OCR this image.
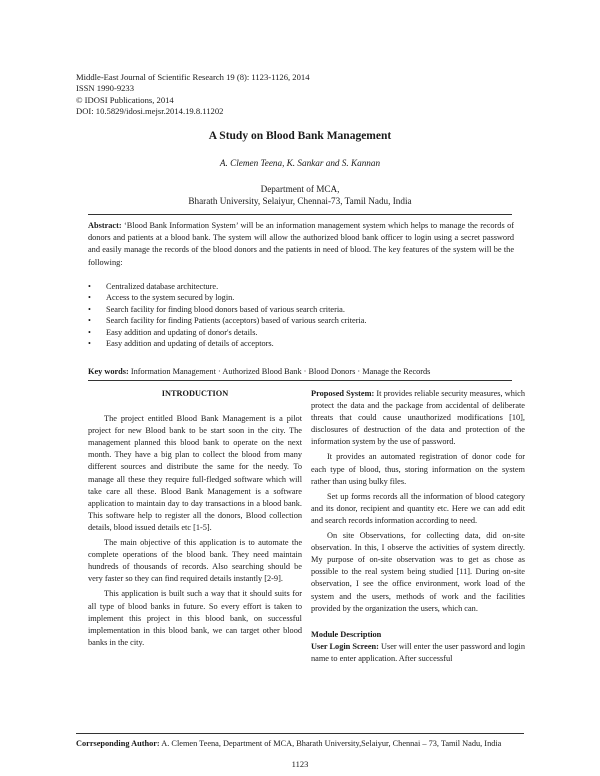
Middle-East Journal of Scientific Research 19 (8): 1123-1126, 2014
ISSN 1990-9233
© IDOSI Publications, 2014
DOI: 10.5829/idosi.mejsr.2014.19.8.11202
A Study on Blood Bank Management
A. Clemen Teena, K. Sankar and S. Kannan
Department of MCA,
Bharath University, Selaiyur, Chennai-73, Tamil Nadu, India
Abstract: ‘Blood Bank Information System’ will be an information management system which helps to manage the records of donors and patients at a blood bank. The system will allow the authorized blood bank officer to login using a secret password and easily manage the records of the blood donors and the patients in need of blood. The key features of the system will be the following:
• Centralized database architecture.
• Access to the system secured by login.
• Search facility for finding blood donors based of various search criteria.
• Search facility for finding Patients (acceptors) based of various search criteria.
• Easy addition and updating of donor's details.
• Easy addition and updating of details of acceptors.
Key words: Information Management · Authorized Blood Bank · Blood Donors · Manage the Records

INTRODUCTION

The project entitled Blood Bank Management is a pilot project for new Blood bank to be start soon in the city. The management planned this blood bank to operate on the next month. They have a big plan to collect the blood from many different sources and distribute the same for the needy. To manage all these they require full-fledged software which will take care all these. Blood Bank Management is a software application to maintain day to day transactions in a blood bank. This software help to register all the donors, Blood collection details, blood issued details etc [1-5].

The main objective of this application is to automate the complete operations of the blood bank. They need maintain hundreds of thousands of records. Also searching should be very faster so they can find required details instantly [2-9].

This application is built such a way that it should suits for all type of blood banks in future. So every effort is taken to implement this project in this blood bank, on successful implementation in this blood bank, we can target other blood banks in the city.

Proposed System: It provides reliable security measures, which protect the data and the package from accidental of deliberate threats that could cause unauthorized modifications [10], disclosures of destruction of the data and protection of the information system by the use of password.

It provides an automated registration of donor code for each type of blood, thus, storing information on the system rather than using bulky files.

Set up forms records all the information of blood category and its donor, recipient and quantity etc. Here we can add edit and search records information according to need.

On site Observations, for collecting data, did on-site observation. In this, I observe the activities of system directly. My purpose of on-site observation was to get as chose as possible to the real system being studied [11]. During on-site observation, I see the office environment, work load of the system and the users, methods of work and the facilities provided by the organization the users, which can.

Module Description

User Login Screen: User will enter the user password and login name to enter application. After successful

Corrseponding Author: A. Clemen Teena, Department of MCA, Bharath University,Selaiyur, Chennai – 73, Tamil Nadu, India
1123
